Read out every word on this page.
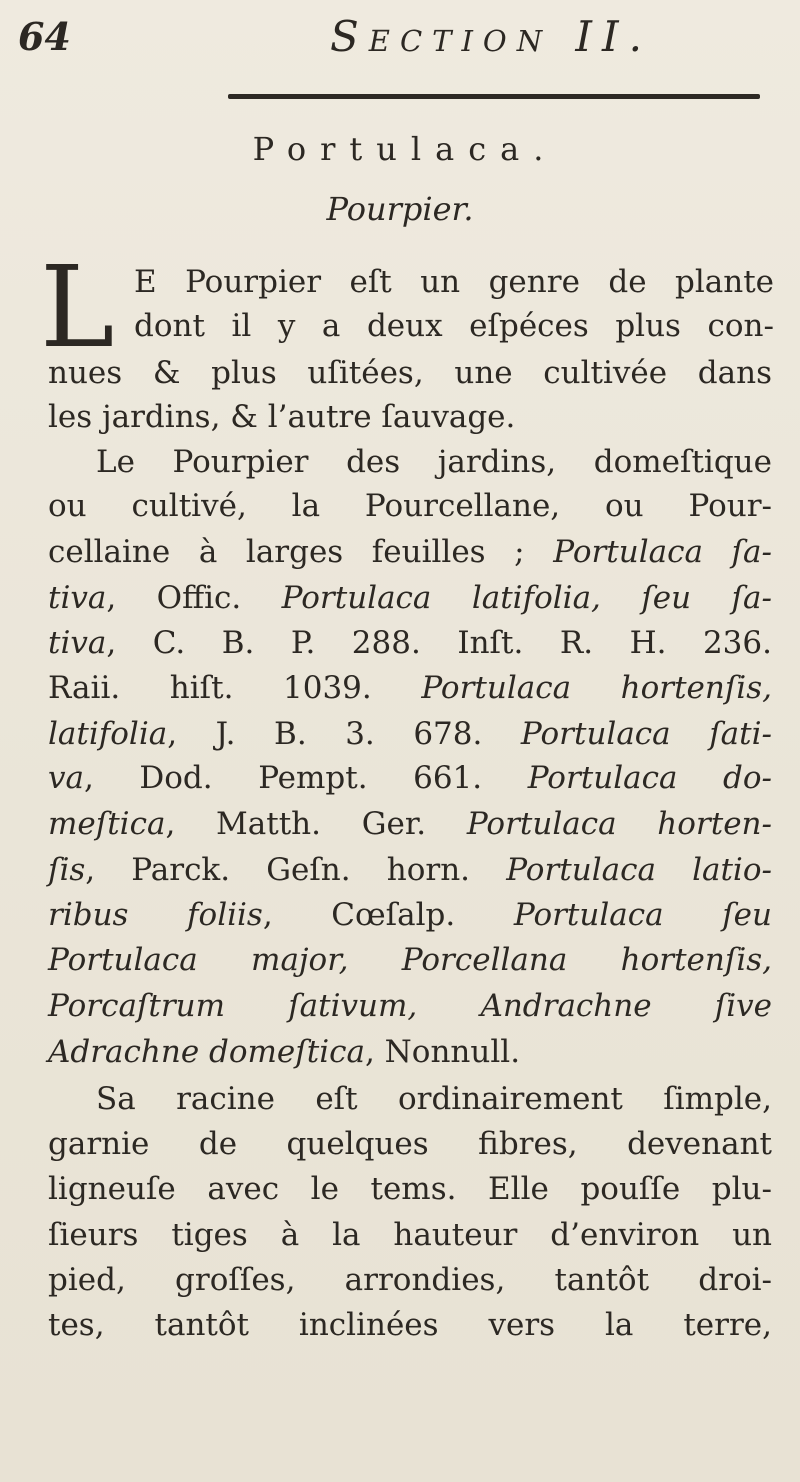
64	Section II.
Portulaca.
Pourpier.
L E Pourpier eſt un genre de plante
dont il y a deux eſpéces plus con-
nues & plus uſitées, une cultivée dans
les jardins, & l’autre ſauvage.
Le Pourpier des jardins, domeſtique
ou cultivé, la Pourcellane, ou Pour-
cellaine à larges feuilles ; Portulaca ſa-
tiva, Offic. Portulaca latifolia, ſeu ſa-
tiva, C. B. P. 288. Inſt. R. H. 236.
Raii. hiſt. 1039. Portulaca hortenſis,
latifolia, J. B. 3. 678. Portulaca ſati-
va, Dod. Pempt. 661. Portulaca do-
meſtica, Matth. Ger. Portulaca horten-
ſis, Parck. Geſn. horn. Portulaca latio-
ribus foliis, Cœſalp. Portulaca ſeu
Portulaca major, Porcellana hortenſis,
Porcaſtrum ſativum, Andrachne ſive
Adrachne domeſtica, Nonnull.
Sa racine eſt ordinairement ſimple,
garnie de quelques fibres, devenant
ligneuſe avec le tems. Elle pouſſe plu-
ſieurs tiges à la hauteur d’environ un
pied, groſſes, arrondies, tantôt droi-
tes, tantôt inclinées vers la terre,
